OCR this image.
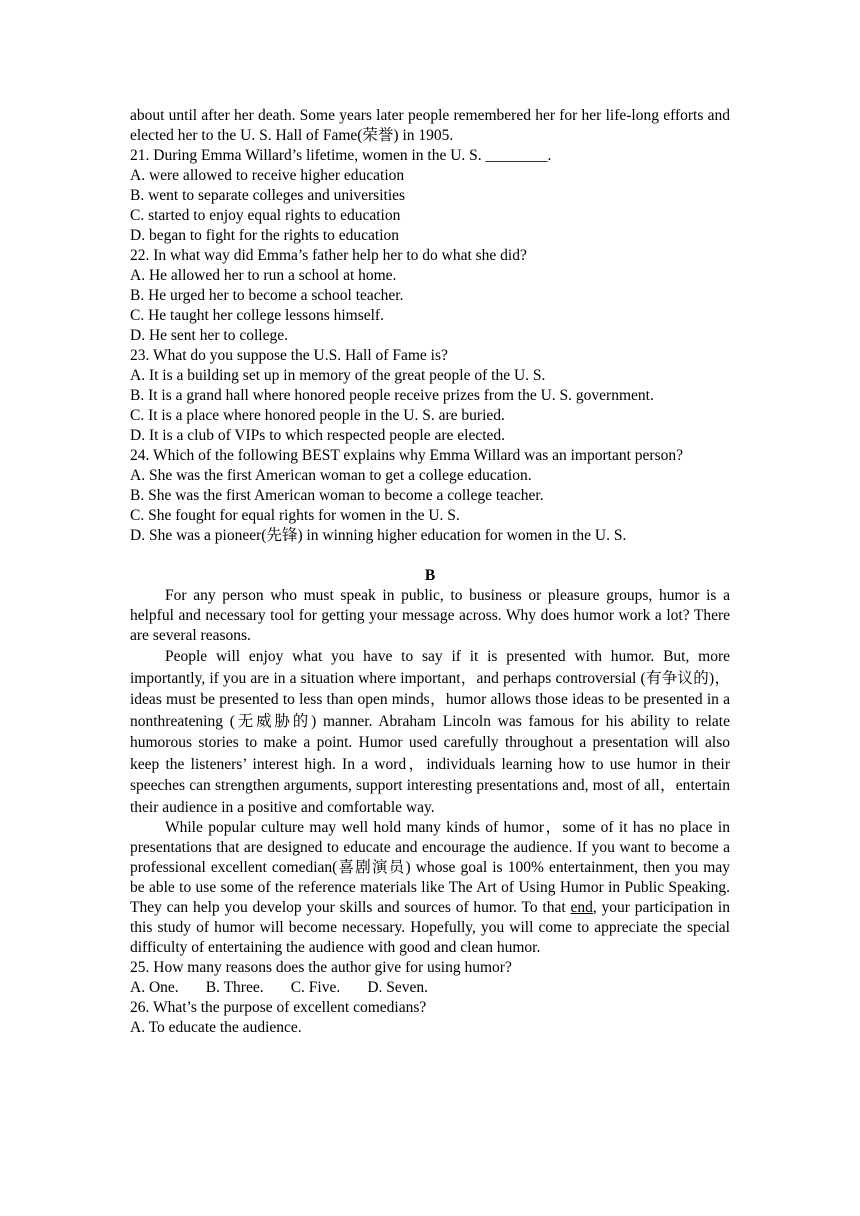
about until after her death. Some years later people remembered her for her life-long efforts and elected her to the U. S. Hall of Fame(荣誉) in 1905.
21. During Emma Willard’s lifetime, women in the U. S. ________.
A. were allowed to receive higher education
B. went to separate colleges and universities
C. started to enjoy equal rights to education
D. began to fight for the rights to education
22. In what way did Emma’s father help her to do what she did?
A. He allowed her to run a school at home.
B. He urged her to become a school teacher.
C. He taught her college lessons himself.
D. He sent her to college.
23. What do you suppose the U.S. Hall of Fame is?
A. It is a building set up in memory of the great people of the U. S.
B. It is a grand hall where honored people receive prizes from the U. S. government.
C. It is a place where honored people in the U. S. are buried.
D. It is a club of VIPs to which respected people are elected.
24. Which of the following BEST explains why Emma Willard was an important person?
A. She was the first American woman to get a college education.
B. She was the first American woman to become a college teacher.
C. She fought for equal rights for women in the U. S.
D. She was a pioneer(先锋) in winning higher education for women in the U. S.
B

For any person who must speak in public, to business or pleasure groups, humor is a helpful and necessary tool for getting your message across. Why does humor work a lot? There are several reasons.

People will enjoy what you have to say if it is presented with humor. But, more importantly, if you are in a situation where important，and perhaps controversial (有争议的)，ideas must be presented to less than open minds，humor allows those ideas to be presented in a nonthreatening (无威胁的) manner. Abraham Lincoln was famous for his ability to relate humorous stories to make a point. Humor used carefully throughout a presentation will also keep the listeners’ interest high. In a word，individuals learning how to use humor in their speeches can strengthen arguments, support interesting presentations and, most of all，entertain their audience in a positive and comfortable way.

While popular culture may well hold many kinds of humor，some of it has no place in presentations that are designed to educate and encourage the audience. If you want to become a professional excellent comedian(喜剧演员) whose goal is 100% entertainment, then you may be able to use some of the reference materials like The Art of Using Humor in Public Speaking. They can help you develop your skills and sources of humor. To that end, your participation in this study of humor will become necessary. Hopefully, you will come to appreciate the special difficulty of entertaining the audience with good and clean humor.

25. How many reasons does the author give for using humor?
A. One.       B. Three.       C. Five.       D. Seven.
26. What’s the purpose of excellent comedians?
A. To educate the audience.
